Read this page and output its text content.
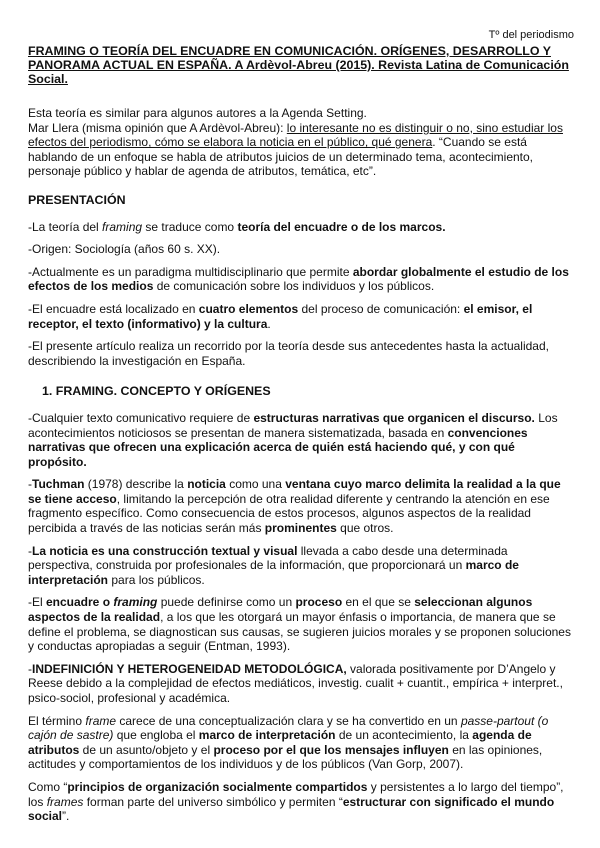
Tº del periodismo
FRAMING O TEORÍA DEL ENCUADRE EN COMUNICACIÓN. ORÍGENES, DESARROLLO Y PANORAMA ACTUAL EN ESPAÑA. A Ardèvol-Abreu (2015). Revista Latina de Comunicación Social.

Esta teoría es similar para algunos autores a la Agenda Setting.

Mar Llera (misma opinión que A Ardèvol-Abreu): lo interesante no es distinguir o no, sino estudiar los efectos del periodismo, cómo se elabora la noticia en el público, qué genera. “Cuando se está hablando de un enfoque se habla de atributos juicios de un determinado tema, acontecimiento, personaje público y hablar de agenda de atributos, temática, etc”.

PRESENTACIÓN

-La teoría del framing se traduce como teoría del encuadre o de los marcos.

-Origen: Sociología (años 60 s. XX).

-Actualmente es un paradigma multidisciplinario que permite abordar globalmente el estudio de los efectos de los medios de comunicación sobre los individuos y los públicos.

-El encuadre está localizado en cuatro elementos del proceso de comunicación: el emisor, el receptor, el texto (informativo) y la cultura.

-El presente artículo realiza un recorrido por la teoría desde sus antecedentes hasta la actualidad, describiendo la investigación en España.

1. FRAMING. CONCEPTO Y ORÍGENES

-Cualquier texto comunicativo requiere de estructuras narrativas que organicen el discurso. Los acontecimientos noticiosos se presentan de manera sistematizada, basada en convenciones narrativas que ofrecen una explicación acerca de quién está haciendo qué, y con qué propósito.

-Tuchman (1978) describe la noticia como una ventana cuyo marco delimita la realidad a la que se tiene acceso, limitando la percepción de otra realidad diferente y centrando la atención en ese fragmento específico. Como consecuencia de estos procesos, algunos aspectos de la realidad percibida a través de las noticias serán más prominentes que otros.

-La noticia es una construcción textual y visual llevada a cabo desde una determinada perspectiva, construida por profesionales de la información, que proporcionará un marco de interpretación para los públicos.

-El encuadre o framing puede definirse como un proceso en el que se seleccionan algunos aspectos de la realidad, a los que les otorgará un mayor énfasis o importancia, de manera que se define el problema, se diagnostican sus causas, se sugieren juicios morales y se proponen soluciones y conductas apropiadas a seguir (Entman, 1993).

-INDEFINICIÓN Y HETEROGENEIDAD METODOLÓGICA, valorada positivamente por D’Angelo y Reese debido a la complejidad de efectos mediáticos, investig. cualit + cuantit., empírica + interpret., psico-sociol, profesional y académica.

El término frame carece de una conceptualización clara y se ha convertido en un passe-partout (o cajón de sastre) que engloba el marco de interpretación de un acontecimiento, la agenda de atributos de un asunto/objeto y el proceso por el que los mensajes influyen en las opiniones, actitudes y comportamientos de los individuos y de los públicos (Van Gorp, 2007).

Como “principios de organización socialmente compartidos y persistentes a lo largo del tiempo”, los frames forman parte del universo simbólico y permiten “estructurar con significado el mundo social”.
